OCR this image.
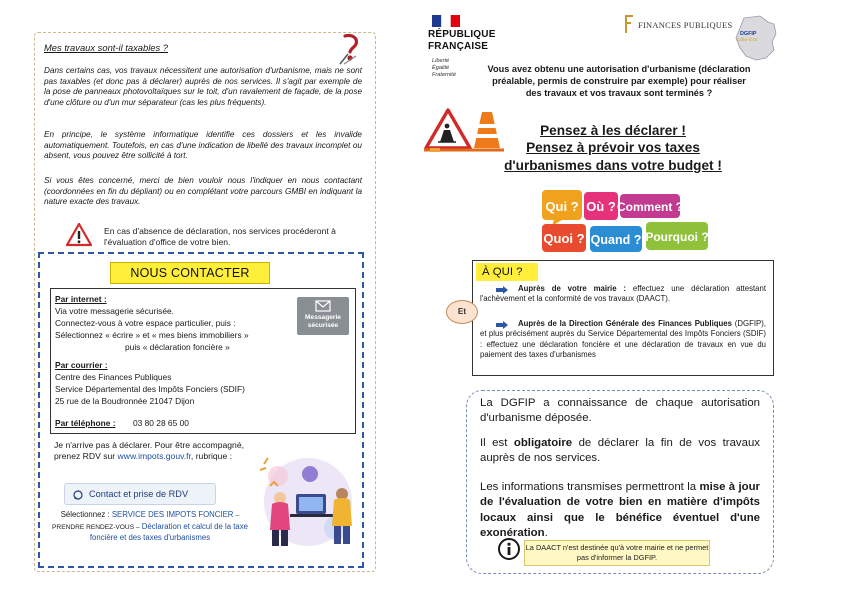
Mes travaux sont-il taxables ?
Dans certains cas, vos travaux nécessitent une autorisation d'urbanisme, mais ne sont pas taxables (et donc pas à déclarer) auprès de nos services. Il s'agit par exemple de la pose de panneaux photovoltaïques sur le toit, d'un ravalement de façade, de la pose d'une clôture ou d'un mur séparateur (cas les plus fréquents).
En principe, le système informatique identifie ces dossiers et les invalide automatiquement. Toutefois, en cas d'une indication de libellé des travaux incomplet ou absent, vous pouvez être sollicité à tort.
Si vous êtes concerné, merci de bien vouloir nous l'indiquer en nous contactant (coordonnées en fin du dépliant) ou en complétant votre parcours GMBI en indiquant la nature exacte des travaux.
En cas d'absence de déclaration, nos services procéderont à l'évaluation d'office de votre bien.
NOUS CONTACTER
Par internet :
Via votre messagerie sécurisée.
Connectez-vous à votre espace particulier, puis :
Sélectionnez « écrire » et « mes biens immobiliers »
puis « déclaration foncière »
Messagerie sécurisée
Par courrier :
Centre des Finances Publiques
Service Départemental des Impôts Fonciers (SDIF)
25 rue de la Boudronnée 21047 Dijon
Par téléphone : 03 80 28 65 00
Je n'arrive pas à déclarer. Pour être accompagné, prenez RDV sur www.impots.gouv.fr, rubrique :
Contact et prise de RDV
Sélectionnez : SERVICE DES IMPOTS FONCIER – PRENDRE RENDEZ-VOUS – Déclaration et calcul de la taxe foncière et des taxes d'urbanismes
RÉPUBLIQUE
FRANÇAISE
Liberté
Égalité
Fraternité
FINANCES PUBLIQUES
DGFIP
Côte-d'Or
Vous avez obtenu une autorisation d'urbanisme (déclaration préalable, permis de construire par exemple) pour réaliser des travaux et vos travaux sont terminés ?
Pensez à les déclarer !
Pensez à prévoir vos taxes
d'urbanismes dans votre budget !
Qui ? Où ? Comment ?
Quoi ? Quand ? Pourquoi ?
À QUI ?
Auprès de votre mairie : effectuez une déclaration attestant l'achèvement et la conformité de vos travaux (DAACT).
Et
Auprès de la Direction Générale des Finances Publiques (DGFIP), et plus précisément auprès du Service Départemental des Impôts Fonciers (SDIF) : effectuez une déclaration foncière et une déclaration de travaux en vue du paiement des taxes d'urbanismes
La DGFIP a connaissance de chaque autorisation d'urbanisme déposée.
Il est obligatoire de déclarer la fin de vos travaux auprès de nos services.
Les informations transmises permettront la mise à jour de l'évaluation de votre bien en matière d'impôts locaux ainsi que le bénéfice éventuel d'une exonération.
La DAACT n'est destinée qu'à votre mairie et ne permet pas d'informer la DGFIP.
